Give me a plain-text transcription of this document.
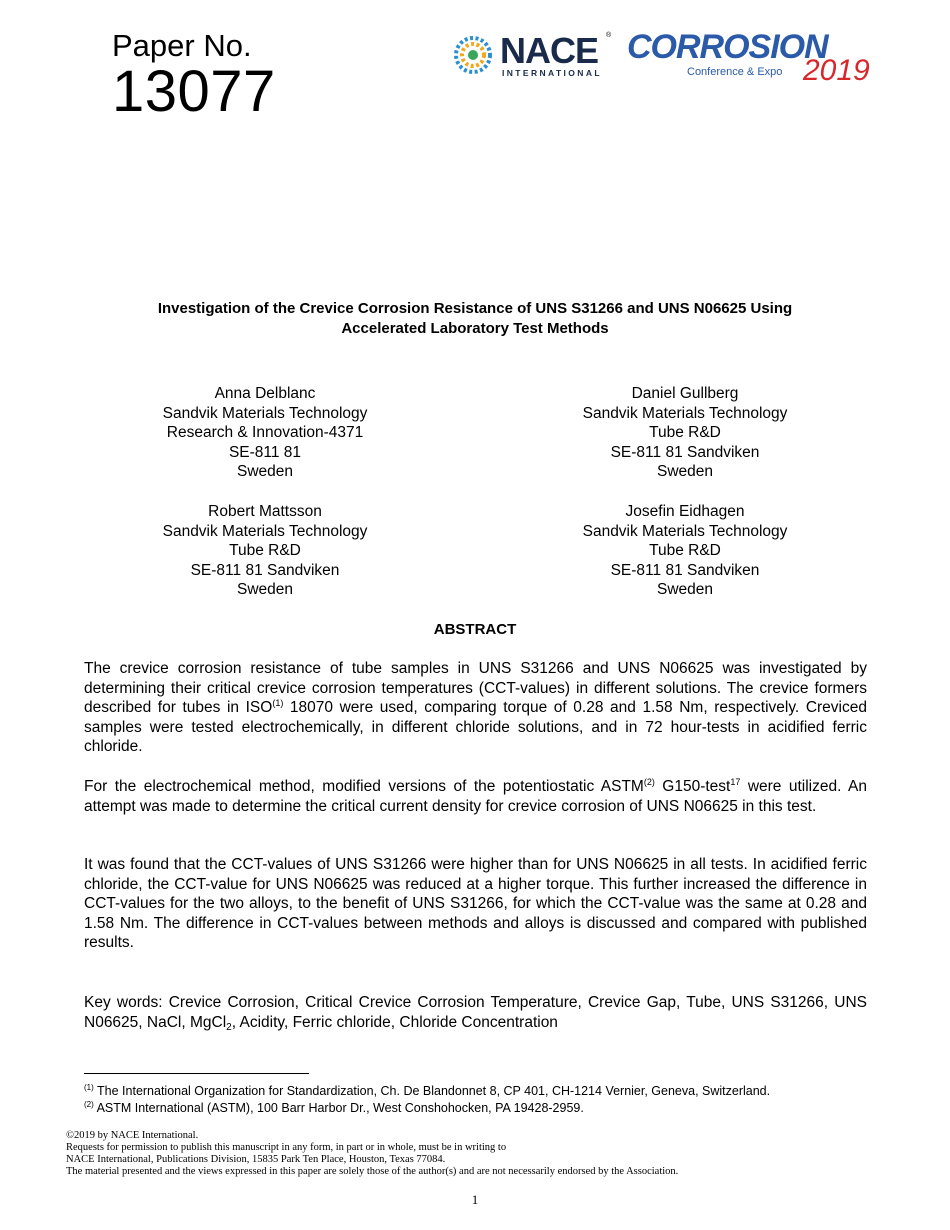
Paper No.
13077
NACE ®
INTERNATIONAL
CORROSION
Conference & Expo 2019
Investigation of the Crevice Corrosion Resistance of UNS S31266 and UNS N06625 Using
Accelerated Laboratory Test Methods
Anna Delblanc
Sandvik Materials Technology
Research & Innovation-4371
SE-811 81
Sweden
Daniel Gullberg
Sandvik Materials Technology
Tube R&D
SE-811 81 Sandviken
Sweden
Robert Mattsson
Sandvik Materials Technology
Tube R&D
SE-811 81 Sandviken
Sweden
Josefin Eidhagen
Sandvik Materials Technology
Tube R&D
SE-811 81 Sandviken
Sweden
ABSTRACT
The crevice corrosion resistance of tube samples in UNS S31266 and UNS N06625 was investigated by determining their critical crevice corrosion temperatures (CCT-values) in different solutions. The crevice formers described for tubes in ISO$^{(1)}$ 18070 were used, comparing torque of 0.28 and 1.58 Nm, respectively. Creviced samples were tested electrochemically, in different chloride solutions, and in 72 hour-tests in acidified ferric chloride.
For the electrochemical method, modified versions of the potentiostatic ASTM$^{(2)}$ G150-test$^{17}$ were utilized. An attempt was made to determine the critical current density for crevice corrosion of UNS N06625 in this test.
It was found that the CCT-values of UNS S31266 were higher than for UNS N06625 in all tests. In acidified ferric chloride, the CCT-value for UNS N06625 was reduced at a higher torque. This further increased the difference in CCT-values for the two alloys, to the benefit of UNS S31266, for which the CCT-value was the same at 0.28 and 1.58 Nm. The difference in CCT-values between methods and alloys is discussed and compared with published results.
Key words: Crevice Corrosion, Critical Crevice Corrosion Temperature, Crevice Gap, Tube, UNS S31266, UNS N06625, NaCl, MgCl$_2$, Acidity, Ferric chloride, Chloride Concentration
$^{(1)}$ The International Organization for Standardization, Ch. De Blandonnet 8, CP 401, CH-1214 Vernier, Geneva, Switzerland.
$^{(2)}$ ASTM International (ASTM), 100 Barr Harbor Dr., West Conshohocken, PA 19428-2959.
©2019 by NACE International.
Requests for permission to publish this manuscript in any form, in part or in whole, must be in writing to
NACE International, Publications Division, 15835 Park Ten Place, Houston, Texas 77084.
The material presented and the views expressed in this paper are solely those of the author(s) and are not necessarily endorsed by the Association.
1
